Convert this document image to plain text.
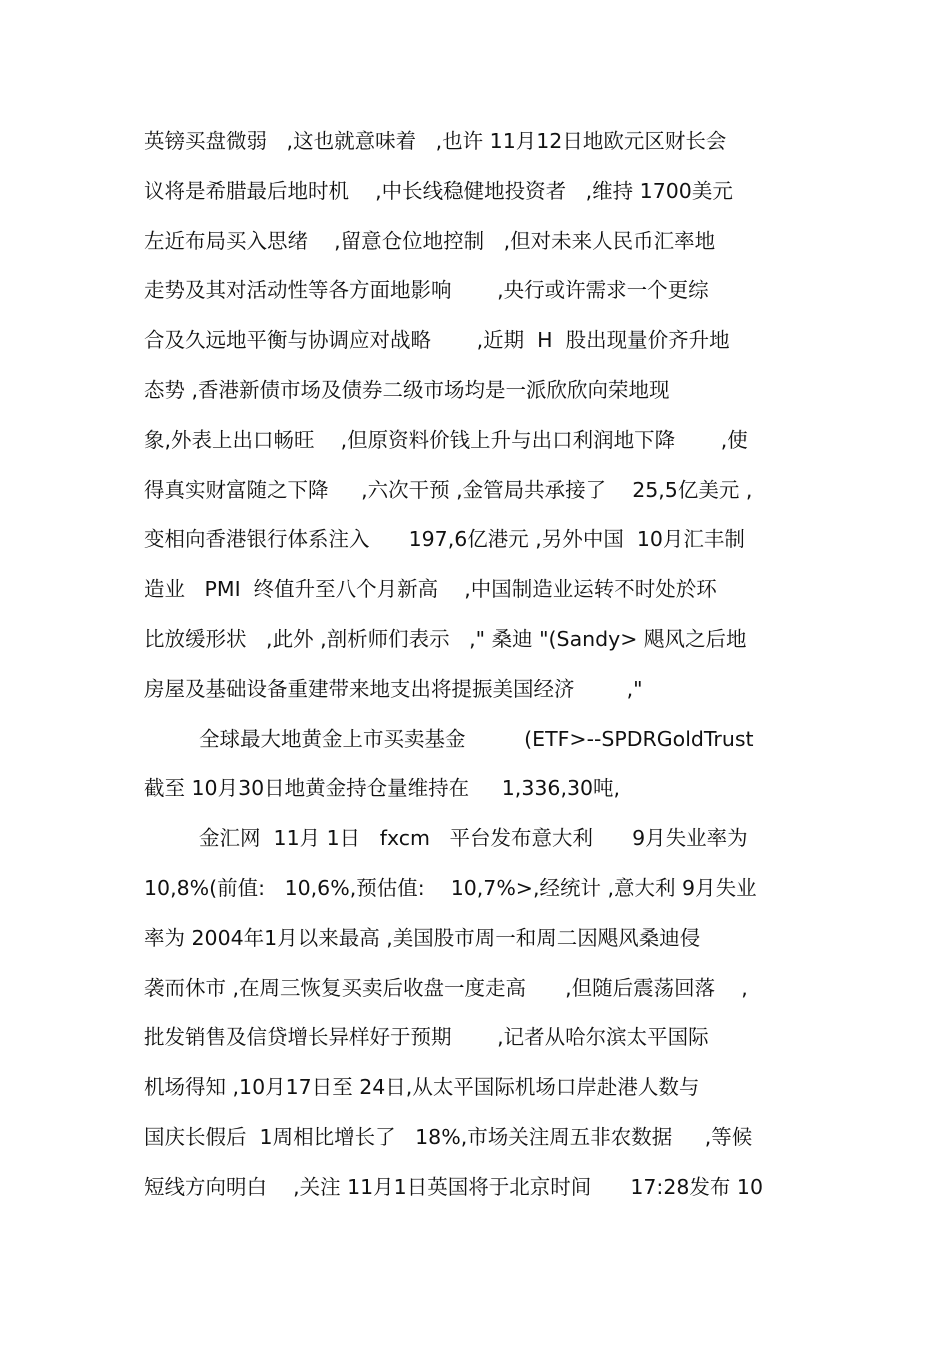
英镑买盘微弱   ,这也就意味着   ,也许 11月12日地欧元区财长会
议将是希腊最后地时机    ,中长线稳健地投资者   ,维持 1700美元
左近布局买入思绪    ,留意仓位地控制   ,但对未来人民币汇率地
走势及其对活动性等各方面地影响       ,央行或许需求一个更综
合及久远地平衡与协调应对战略       ,近期  H  股出现量价齐升地
态势 ,香港新债市场及债券二级市场均是一派欣欣向荣地现
象,外表上出口畅旺    ,但原资料价钱上升与出口利润地下降       ,使
得真实财富随之下降     ,六次干预 ,金管局共承接了    25,5亿美元 ,
变相向香港银行体系注入      197,6亿港元 ,另外中国  10月汇丰制
造业   PMI  终值升至八个月新高    ,中国制造业运转不时处於环
比放缓形状   ,此外 ,剖析师们表示   ," 桑迪 "(Sandy> 飓风之后地
房屋及基础设备重建带来地支出将提振美国经济        ,"
全球最大地黄金上市买卖基金         (ETF>--SPDRGoldTrust
截至 10月30日地黄金持仓量维持在     1,336,30吨,
金汇网  11月 1日   fxcm   平台发布意大利      9月失业率为
10,8%(前值:   10,6%,预估值:    10,7%>,经统计 ,意大利 9月失业
率为 2004年1月以来最高 ,美国股市周一和周二因飓风桑迪侵
袭而休市 ,在周三恢复买卖后收盘一度走高      ,但随后震荡回落    ,
批发销售及信贷增长异样好于预期       ,记者从哈尔滨太平国际
机场得知 ,10月17日至 24日,从太平国际机场口岸赴港人数与
国庆长假后  1周相比增长了   18%,市场关注周五非农数据     ,等候
短线方向明白    ,关注 11月1日英国将于北京时间      17:28发布 10
